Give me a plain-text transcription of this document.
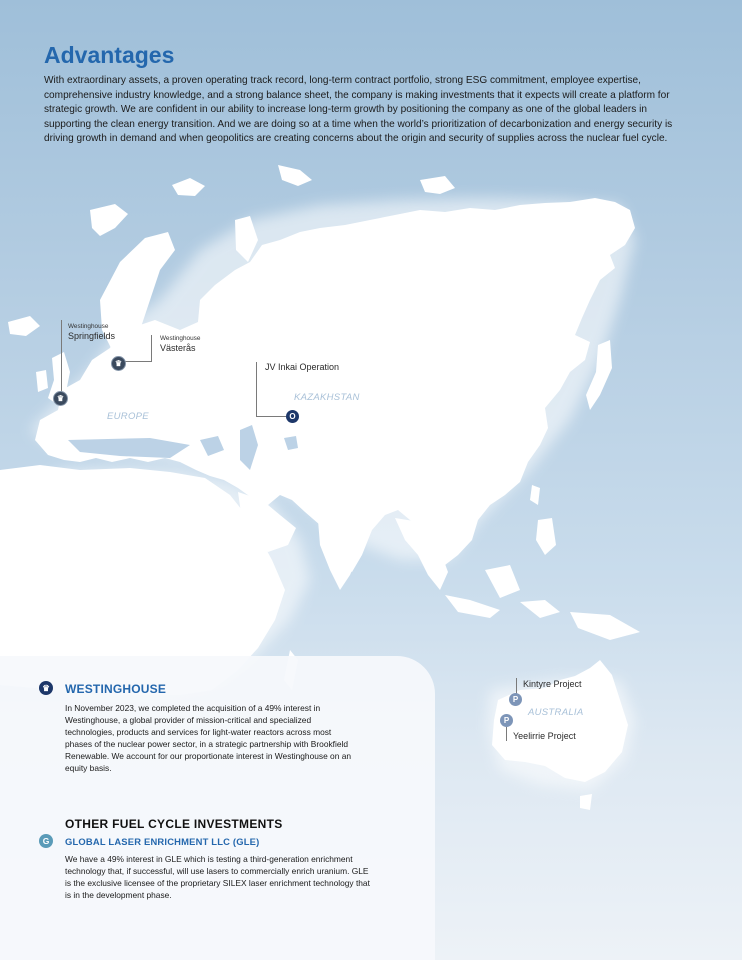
Advantages

With extraordinary assets, a proven operating track record, long-term contract portfolio, strong ESG commitment, employee expertise, comprehensive industry knowledge, and a strong balance sheet, the company is making investments that it expects will create a platform for strategic growth. We are confident in our ability to increase long-term growth by positioning the company as one of the global leaders in supporting the clean energy transition. And we are doing so at a time when the world’s prioritization of decarbonization and energy security is driving growth in demand and when geopolitics are creating concerns about the origin and security of supplies across the nuclear fuel cycle.

Westinghouse
Springfields
♛
Westinghouse
Västerås
♛
EUROPE
JV Inkai Operation
KAZAKHSTAN
O
Kintyre Project
P
AUSTRALIA
P
Yeelirrie Project
♛ WESTINGHOUSE

In November 2023, we completed the acquisition of a 49% interest in Westinghouse, a global provider of mission-critical and specialized technologies, products and services for light-water reactors across most phases of the nuclear power sector, in a strategic partnership with Brookfield Renewable. We account for our proportionate interest in Westinghouse on an equity basis.

OTHER FUEL CYCLE INVESTMENTS
G	GLOBAL LASER ENRICHMENT LLC (GLE)

We have a 49% interest in GLE which is testing a third-generation enrichment technology that, if successful, will use lasers to commercially enrich uranium. GLE is the exclusive licensee of the proprietary SILEX laser enrichment technology that is in the development phase.
